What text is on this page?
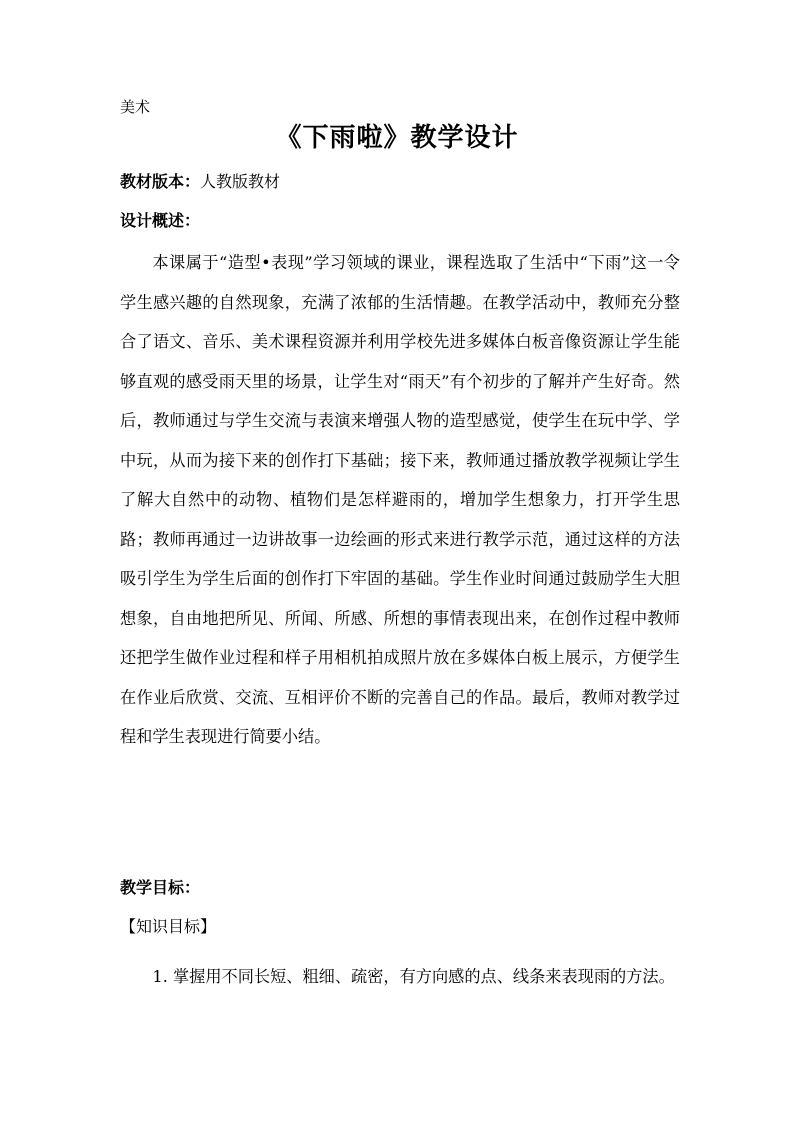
美术
《下雨啦》教学设计
教材版本：人教版教材
设计概述：

本课属于“造型•表现”学习领域的课业，课程选取了生活中“下雨”这一令学生感兴趣的自然现象，充满了浓郁的生活情趣。在教学活动中，教师充分整合了语文、音乐、美术课程资源并利用学校先进多媒体白板音像资源让学生能够直观的感受雨天里的场景，让学生对“雨天”有个初步的了解并产生好奇。然后，教师通过与学生交流与表演来增强人物的造型感觉，使学生在玩中学、学中玩，从而为接下来的创作打下基础；接下来，教师通过播放教学视频让学生了解大自然中的动物、植物们是怎样避雨的，增加学生想象力，打开学生思路；教师再通过一边讲故事一边绘画的形式来进行教学示范，通过这样的方法吸引学生为学生后面的创作打下牢固的基础。学生作业时间通过鼓励学生大胆想象，自由地把所见、所闻、所感、所想的事情表现出来，在创作过程中教师还把学生做作业过程和样子用相机拍成照片放在多媒体白板上展示，方便学生在作业后欣赏、交流、互相评价不断的完善自己的作品。最后，教师对教学过程和学生表现进行简要小结。

教学目标：
【知识目标】

1. 掌握用不同长短、粗细、疏密，有方向感的点、线条来表现雨的方法。
